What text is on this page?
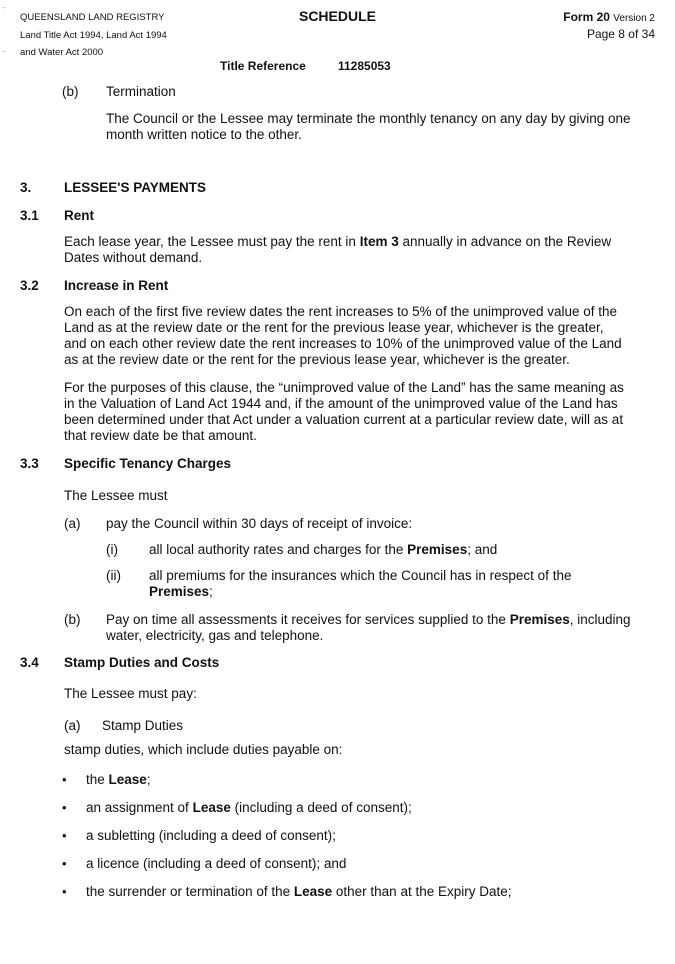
QUEENSLAND LAND REGISTRY
Land Title Act 1994, Land Act 1994
and Water Act 2000
-
-
SCHEDULE	Form 20 Version 2
Page 8 of 34
Title Reference	11285053
(b) Termination
The Council or the Lessee may terminate the monthly tenancy on any day by giving one
month written notice to the other.
3. LESSEE'S PAYMENTS
3.1 Rent
Each lease year, the Lessee must pay the rent in Item 3 annually in advance on the Review
Dates without demand.
3.2 Increase in Rent
On each of the first five review dates the rent increases to 5% of the unimproved value of the
Land as at the review date or the rent for the previous lease year, whichever is the greater,
and on each other review date the rent increases to 10% of the unimproved value of the Land
as at the review date or the rent for the previous lease year, whichever is the greater.
For the purposes of this clause, the “unimproved value of the Land” has the same meaning as
in the Valuation of Land Act 1944 and, if the amount of the unimproved value of the Land has
been determined under that Act under a valuation current at a particular review date, will as at
that review date be that amount.
3.3 Specific Tenancy Charges
The Lessee must
(a) pay the Council within 30 days of receipt of invoice:
(i) all local authority rates and charges for the Premises; and
(ii) all premiums for the insurances which the Council has in respect of the
Premises;
(b) Pay on time all assessments it receives for services supplied to the Premises, including
water, electricity, gas and telephone.
3.4 Stamp Duties and Costs
The Lessee must pay:
(a) Stamp Duties
stamp duties, which include duties payable on:
• the Lease;
• an assignment of Lease (including a deed of consent);
• a subletting (including a deed of consent);
• a licence (including a deed of consent); and
• the surrender or termination of the Lease other than at the Expiry Date;
